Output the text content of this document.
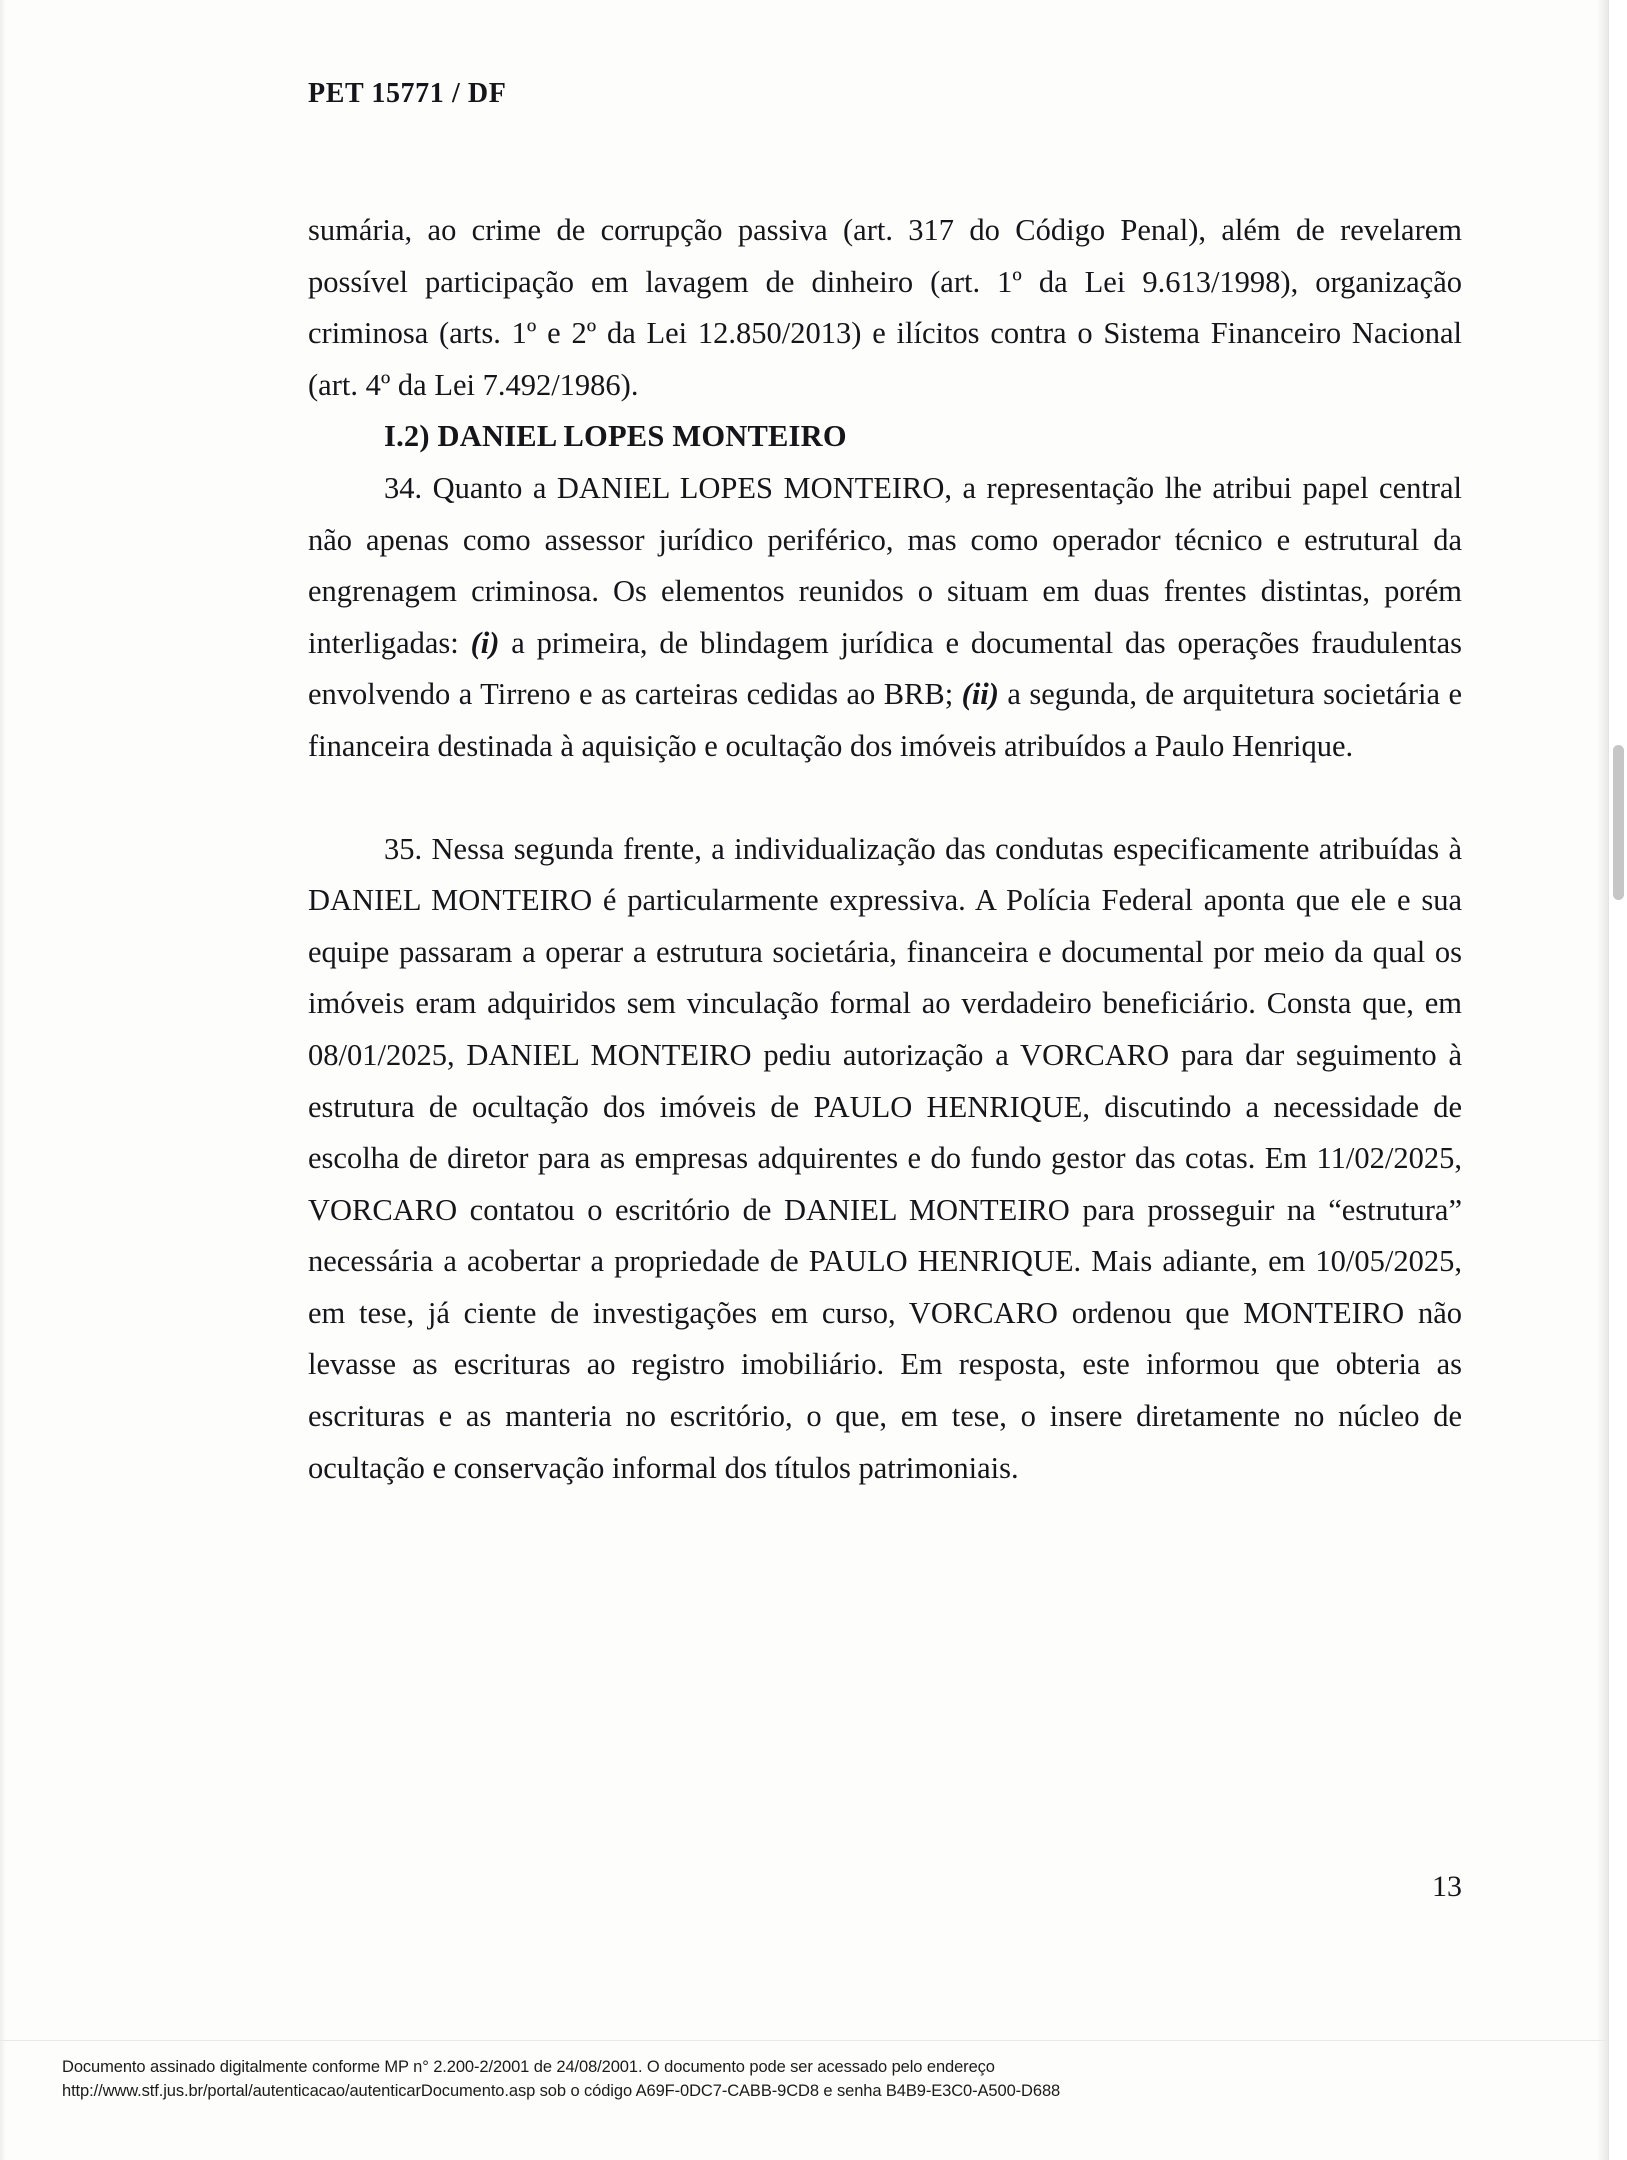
PET 15771 / DF

sumária, ao crime de corrupção passiva (art. 317 do Código Penal), além de revelarem possível participação em lavagem de dinheiro (art. 1º da Lei 9.613/1998), organização criminosa (arts. 1º e 2º da Lei 12.850/2013) e ilícitos contra o Sistema Financeiro Nacional (art. 4º da Lei 7.492/1986).

I.2) DANIEL LOPES MONTEIRO

34. Quanto a DANIEL LOPES MONTEIRO, a representação lhe atribui papel central não apenas como assessor jurídico periférico, mas como operador técnico e estrutural da engrenagem criminosa. Os elementos reunidos o situam em duas frentes distintas, porém interligadas: (i) a primeira, de blindagem jurídica e documental das operações fraudulentas envolvendo a Tirreno e as carteiras cedidas ao BRB; (ii) a segunda, de arquitetura societária e financeira destinada à aquisição e ocultação dos imóveis atribuídos a Paulo Henrique.

35. Nessa segunda frente, a individualização das condutas especificamente atribuídas à DANIEL MONTEIRO é particularmente expressiva. A Polícia Federal aponta que ele e sua equipe passaram a operar a estrutura societária, financeira e documental por meio da qual os imóveis eram adquiridos sem vinculação formal ao verdadeiro beneficiário. Consta que, em 08/01/2025, DANIEL MONTEIRO pediu autorização a VORCARO para dar seguimento à estrutura de ocultação dos imóveis de PAULO HENRIQUE, discutindo a necessidade de escolha de diretor para as empresas adquirentes e do fundo gestor das cotas. Em 11/02/2025, VORCARO contatou o escritório de DANIEL MONTEIRO para prosseguir na “estrutura” necessária a acobertar a propriedade de PAULO HENRIQUE. Mais adiante, em 10/05/2025, em tese, já ciente de investigações em curso, VORCARO ordenou que MONTEIRO não levasse as escrituras ao registro imobiliário. Em resposta, este informou que obteria as escrituras e as manteria no escritório, o que, em tese, o insere diretamente no núcleo de ocultação e conservação informal dos títulos patrimoniais.

13
Documento assinado digitalmente conforme MP n° 2.200-2/2001 de 24/08/2001. O documento pode ser acessado pelo endereço
http://www.stf.jus.br/portal/autenticacao/autenticarDocumento.asp sob o código A69F-0DC7-CABB-9CD8 e senha B4B9-E3C0-A500-D688
